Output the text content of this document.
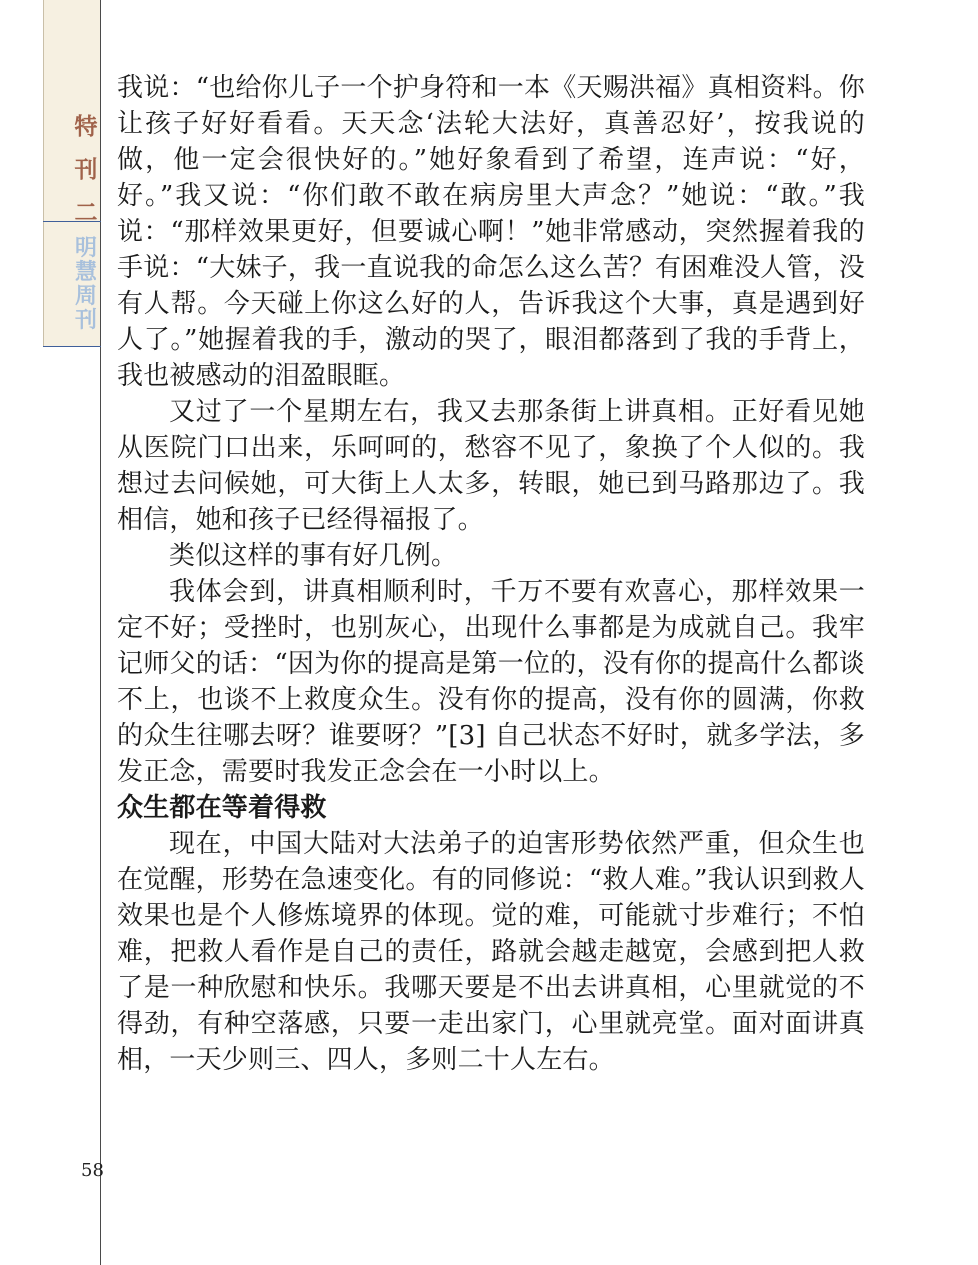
特
刊
二
明
慧
周
刊

我说：“也给你儿子一个护身符和一本《天赐洪福》真相资料。你让孩子好好看看。天天念‘法轮大法好，真善忍好’，按我说的做，他一定会很快好的。”她好象看到了希望，连声说：“好，好。”我又说：“你们敢不敢在病房里大声念？”她说：“敢。”我说：“那样效果更好，但要诚心啊！”她非常感动，突然握着我的手说：“大妹子，我一直说我的命怎么这么苦？有困难没人管，没有人帮。今天碰上你这么好的人，告诉我这个大事，真是遇到好人了。”她握着我的手，激动的哭了，眼泪都落到了我的手背上，我也被感动的泪盈眼眶。

又过了一个星期左右，我又去那条街上讲真相。正好看见她从医院门口出来，乐呵呵的，愁容不见了，象换了个人似的。我想过去问候她，可大街上人太多，转眼，她已到马路那边了。我相信，她和孩子已经得福报了。

类似这样的事有好几例。

我体会到，讲真相顺利时，千万不要有欢喜心，那样效果一定不好；受挫时，也别灰心，出现什么事都是为成就自己。我牢记师父的话：“因为你的提高是第一位的，没有你的提高什么都谈不上，也谈不上救度众生。没有你的提高，没有你的圆满，你救的众生往哪去呀？谁要呀？”[3] 自己状态不好时，就多学法，多发正念，需要时我发正念会在一小时以上。

众生都在等着得救

现在，中国大陆对大法弟子的迫害形势依然严重，但众生也在觉醒，形势在急速变化。有的同修说：“救人难。”我认识到救人效果也是个人修炼境界的体现。觉的难，可能就寸步难行；不怕难，把救人看作是自己的责任，路就会越走越宽，会感到把人救了是一种欣慰和快乐。我哪天要是不出去讲真相，心里就觉的不得劲，有种空落感，只要一走出家门，心里就亮堂。面对面讲真相，一天少则三、四人，多则二十人左右。

58
